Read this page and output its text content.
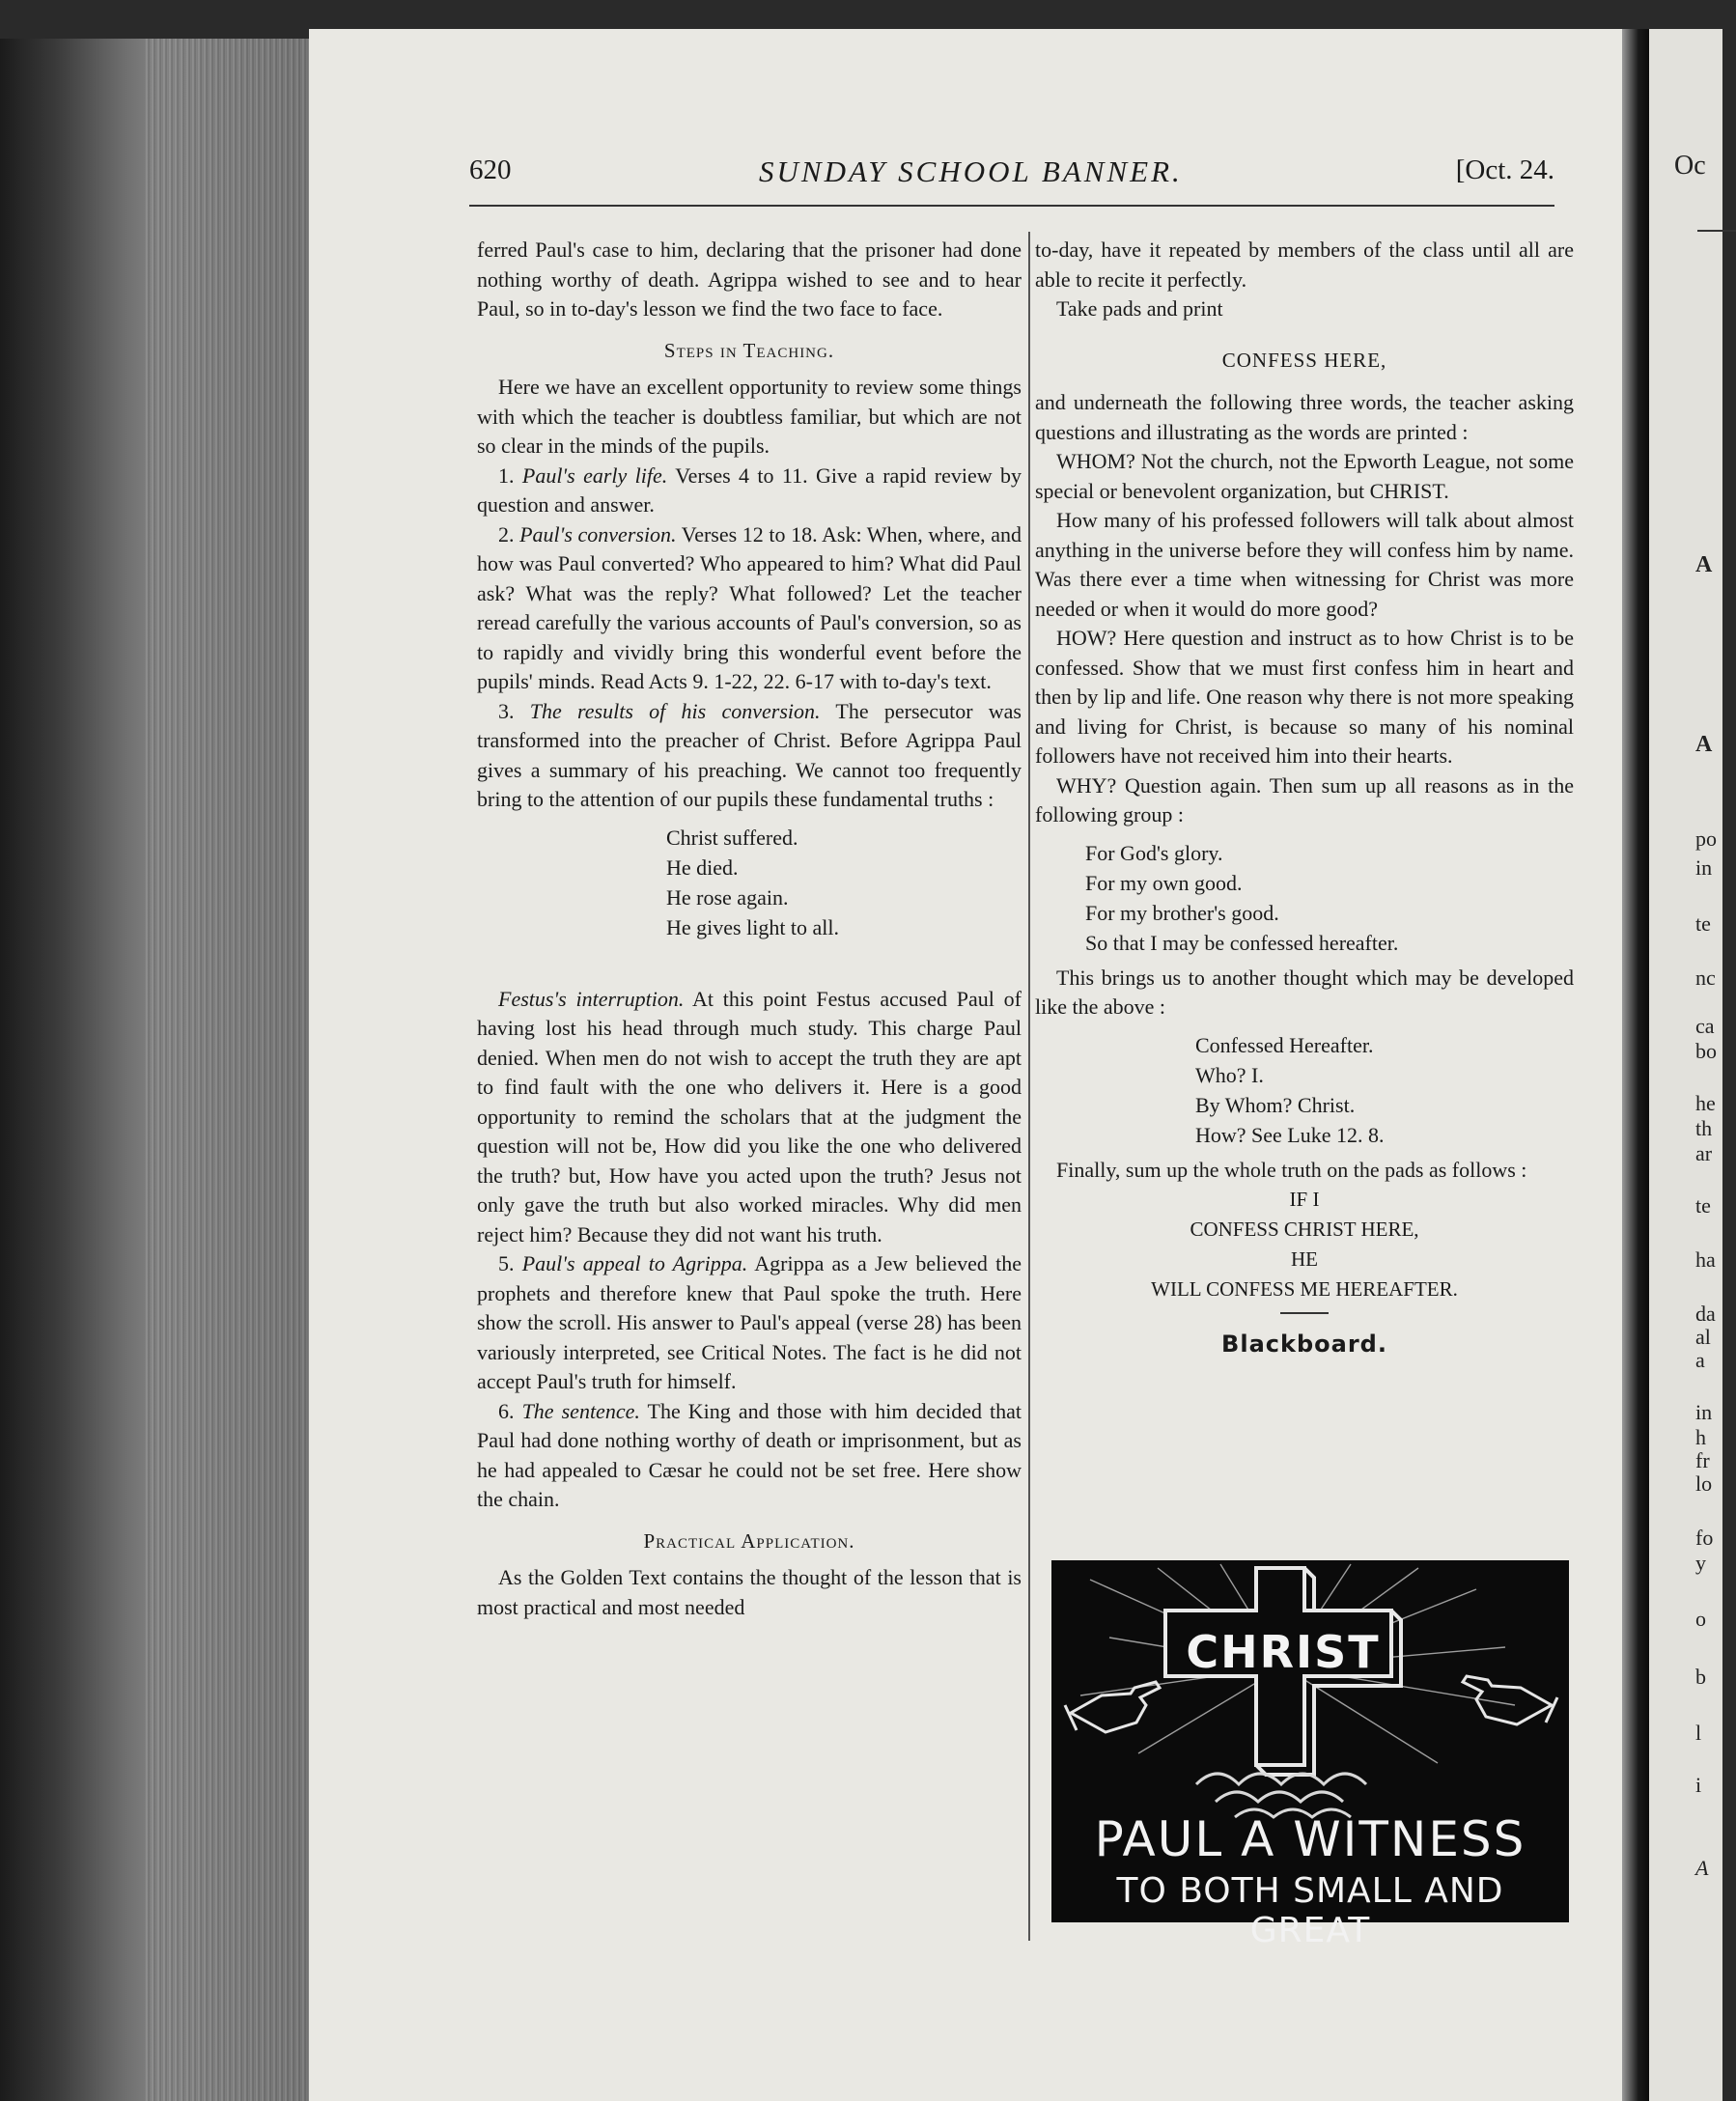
Oc
A
A
po
in
te
nc
ca
bo
he
th
ar
te
ha
da
al
a
in
h
fr
lo
fo
y
o
b
l
i
A
620	SUNDAY SCHOOL BANNER.	[Oct. 24.

ferred Paul's case to him, declaring that the prisoner had done nothing worthy of death. Agrippa wished to see and to hear Paul, so in to-day's lesson we find the two face to face.

Steps in Teaching.

Here we have an excellent opportunity to review some things with which the teacher is doubtless familiar, but which are not so clear in the minds of the pupils.

1. Paul's early life. Verses 4 to 11. Give a rapid review by question and answer.

2. Paul's conversion. Verses 12 to 18. Ask: When, where, and how was Paul converted? Who appeared to him? What did Paul ask? What was the reply? What followed? Let the teacher reread carefully the various accounts of Paul's conversion, so as to rapidly and vividly bring this wonderful event before the pupils' minds. Read Acts 9. 1-22, 22. 6-17 with to-day's text.

3. The results of his conversion. The persecutor was transformed into the preacher of Christ. Before Agrippa Paul gives a summary of his preaching. We cannot too frequently bring to the attention of our pupils these fundamental truths :

Christ suffered.
He died.
He rose again.
He gives light to all.

Festus's interruption. At this point Festus accused Paul of having lost his head through much study. This charge Paul denied. When men do not wish to accept the truth they are apt to find fault with the one who delivers it. Here is a good opportunity to remind the scholars that at the judgment the question will not be, How did you like the one who delivered the truth? but, How have you acted upon the truth? Jesus not only gave the truth but also worked miracles. Why did men reject him? Because they did not want his truth.

5. Paul's appeal to Agrippa. Agrippa as a Jew believed the prophets and therefore knew that Paul spoke the truth. Here show the scroll. His answer to Paul's appeal (verse 28) has been variously interpreted, see Critical Notes. The fact is he did not accept Paul's truth for himself.

6. The sentence. The King and those with him decided that Paul had done nothing worthy of death or imprisonment, but as he had appealed to Cæsar he could not be set free. Here show the chain.

Practical Application.

As the Golden Text contains the thought of the lesson that is most practical and most needed

to-day, have it repeated by members of the class until all are able to recite it perfectly.

Take pads and print

CONFESS HERE,

and underneath the following three words, the teacher asking questions and illustrating as the words are printed :

WHOM? Not the church, not the Epworth League, not some special or benevolent organization, but CHRIST.

How many of his professed followers will talk about almost anything in the universe before they will confess him by name. Was there ever a time when witnessing for Christ was more needed or when it would do more good?

HOW? Here question and instruct as to how Christ is to be confessed. Show that we must first confess him in heart and then by lip and life. One reason why there is not more speaking and living for Christ, is because so many of his nominal followers have not received him into their hearts.

WHY? Question again. Then sum up all reasons as in the following group :

For God's glory.
For my own good.
For my brother's good.
So that I may be confessed hereafter.

This brings us to another thought which may be developed like the above :

Confessed Hereafter.
Who? I.
By Whom? Christ.
How? See Luke 12. 8.

Finally, sum up the whole truth on the pads as follows :

IF I
CONFESS CHRIST HERE,
HE
WILL CONFESS ME HEREAFTER.
Blackboard.
CHRIST
PAUL A WITNESS
TO BOTH SMALL AND GREAT
